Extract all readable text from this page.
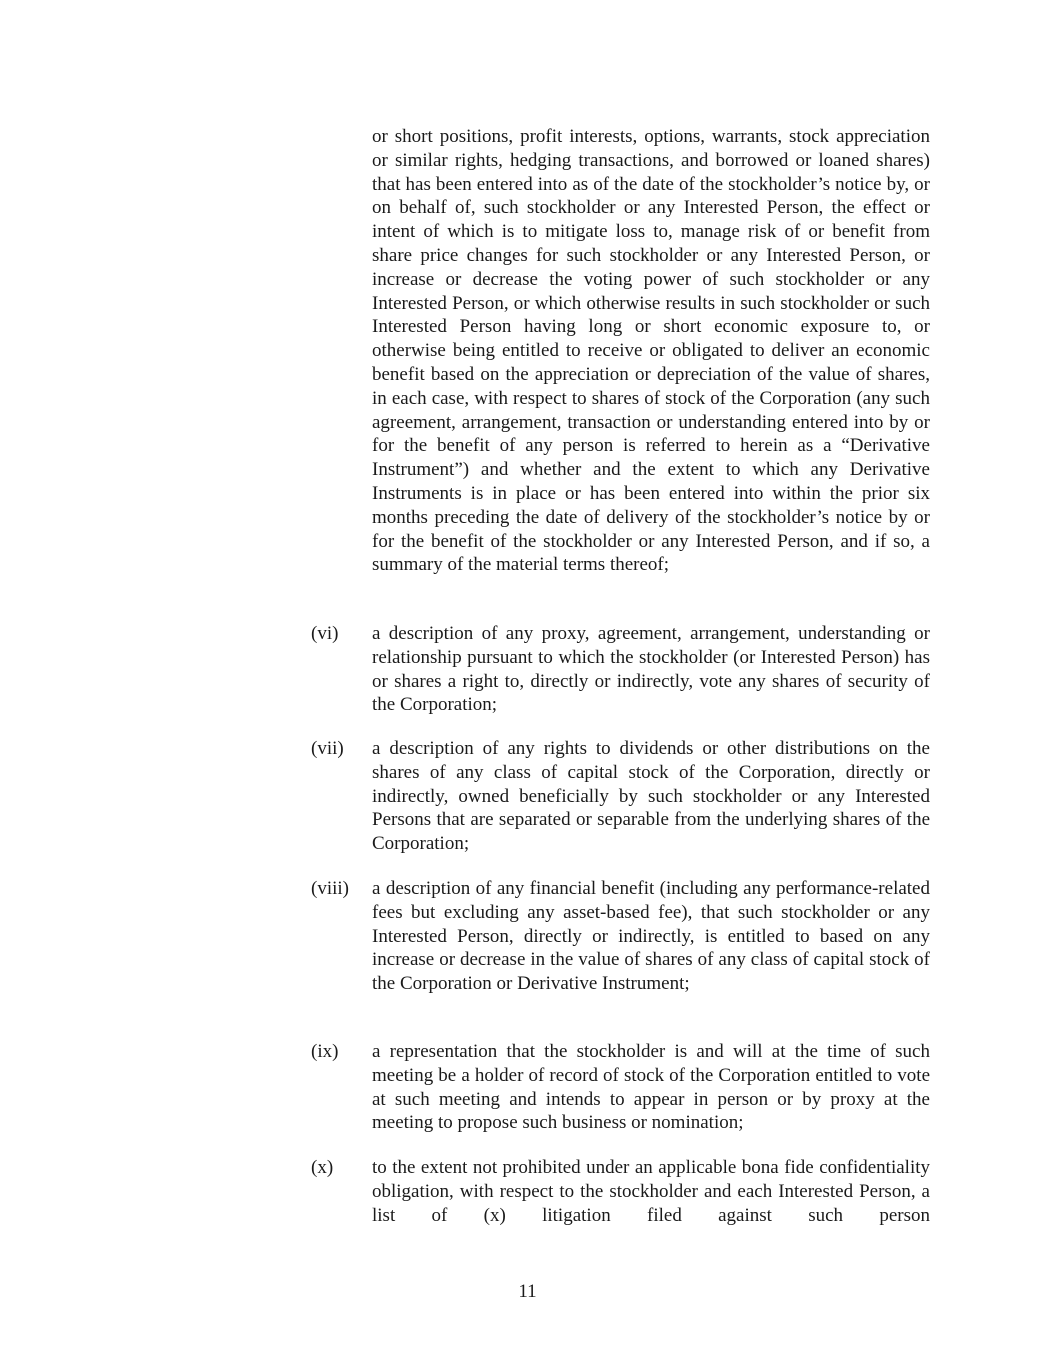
or short positions, profit interests, options, warrants, stock appreciation or similar rights, hedging transactions, and borrowed or loaned shares) that has been entered into as of the date of the stockholder’s notice by, or on behalf of, such stockholder or any Interested Person, the effect or intent of which is to mitigate loss to, manage risk of or benefit from share price changes for such stockholder or any Interested Person, or increase or decrease the voting power of such stockholder or any Interested Person, or which otherwise results in such stockholder or such Interested Person having long or short economic exposure to, or otherwise being entitled to receive or obligated to deliver an economic benefit based on the appreciation or depreciation of the value of shares, in each case, with respect to shares of stock of the Corporation (any such agreement, arrangement, transaction or understanding entered into by or for the benefit of any person is referred to herein as a “Derivative Instrument”) and whether and the extent to which any Derivative Instruments is in place or has been entered into within the prior six months preceding the date of delivery of the stockholder’s notice by or for the benefit of the stockholder or any Interested Person, and if so, a summary of the material terms thereof;

(vi) a description of any proxy, agreement, arrangement, understanding or relationship pursuant to which the stockholder (or Interested Person) has or shares a right to, directly or indirectly, vote any shares of security of the Corporation;

(vii) a description of any rights to dividends or other distributions on the shares of any class of capital stock of the Corporation, directly or indirectly, owned beneficially by such stockholder or any Interested Persons that are separated or separable from the underlying shares of the Corporation;

(viii) a description of any financial benefit (including any performance-related fees but excluding any asset-based fee), that such stockholder or any Interested Person, directly or indirectly, is entitled to based on any increase or decrease in the value of shares of any class of capital stock of the Corporation or Derivative Instrument;

(ix) a representation that the stockholder is and will at the time of such meeting be a holder of record of stock of the Corporation entitled to vote at such meeting and intends to appear in person or by proxy at the meeting to propose such business or nomination;

(x) to the extent not prohibited under an applicable bona fide confidentiality obligation, with respect to the stockholder and each Interested Person, a list of (x) litigation filed against such person

11
